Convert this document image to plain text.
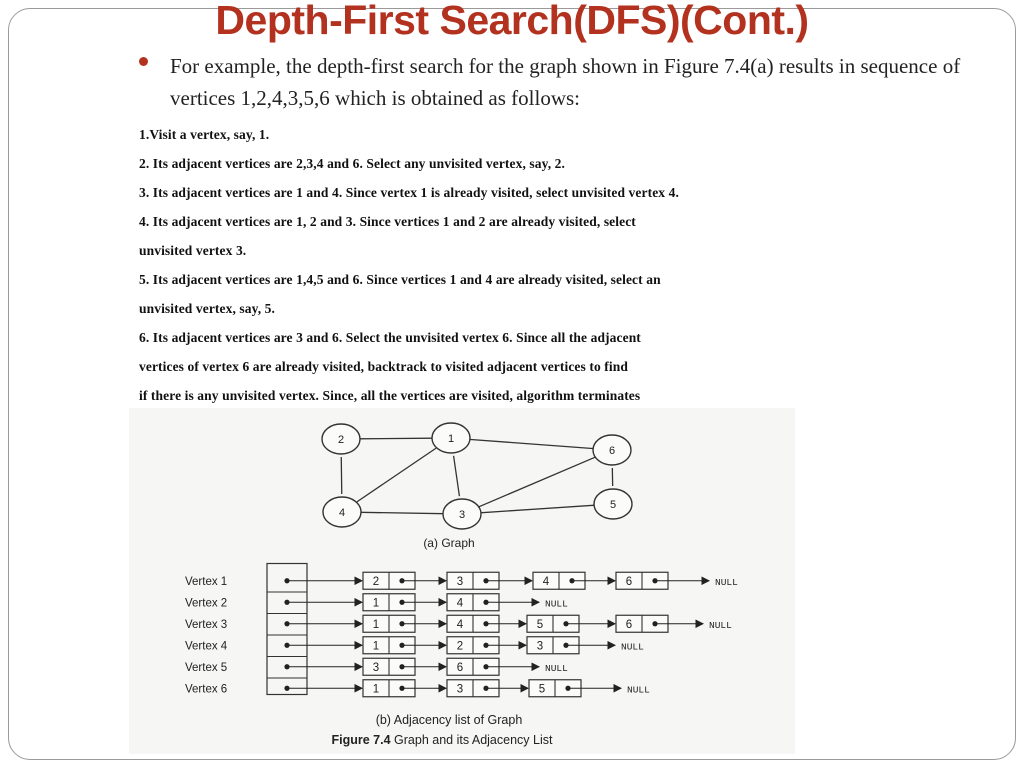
Depth-First Search(DFS)(Cont.)
For example, the depth-first search for the graph shown in Figure 7.4(a) results in sequence of vertices 1,2,4,3,5,6 which is obtained as follows:
1.Visit a vertex, say, 1.
2. Its adjacent vertices are 2,3,4 and 6. Select any unvisited vertex, say, 2.
3. Its adjacent vertices are 1 and 4. Since vertex 1 is already visited, select unvisited vertex 4.
4. Its adjacent vertices are 1, 2 and 3. Since vertices 1 and 2 are already visited, select
unvisited vertex 3.
5. Its adjacent vertices are 1,4,5 and 6. Since vertices 1 and 4 are already visited, select an
unvisited vertex, say, 5.
6. Its adjacent vertices are 3 and 6. Select the unvisited vertex 6. Since all the adjacent
vertices of vertex 6 are already visited, backtrack to visited adjacent vertices to find
if there is any unvisited vertex. Since, all the vertices are visited, algorithm terminates
1
2
3
4
5
6
(a) Graph
Vertex 1	2	3	4	6	NULL
Vertex 2	1	4	NULL
Vertex 3	1	4	5	6	NULL
Vertex 4	1	2	3	NULL
Vertex 5	3	6	NULL
Vertex 6	1	3	5	NULL
(b) Adjacency list of Graph
Figure 7.4 Graph and its Adjacency List
